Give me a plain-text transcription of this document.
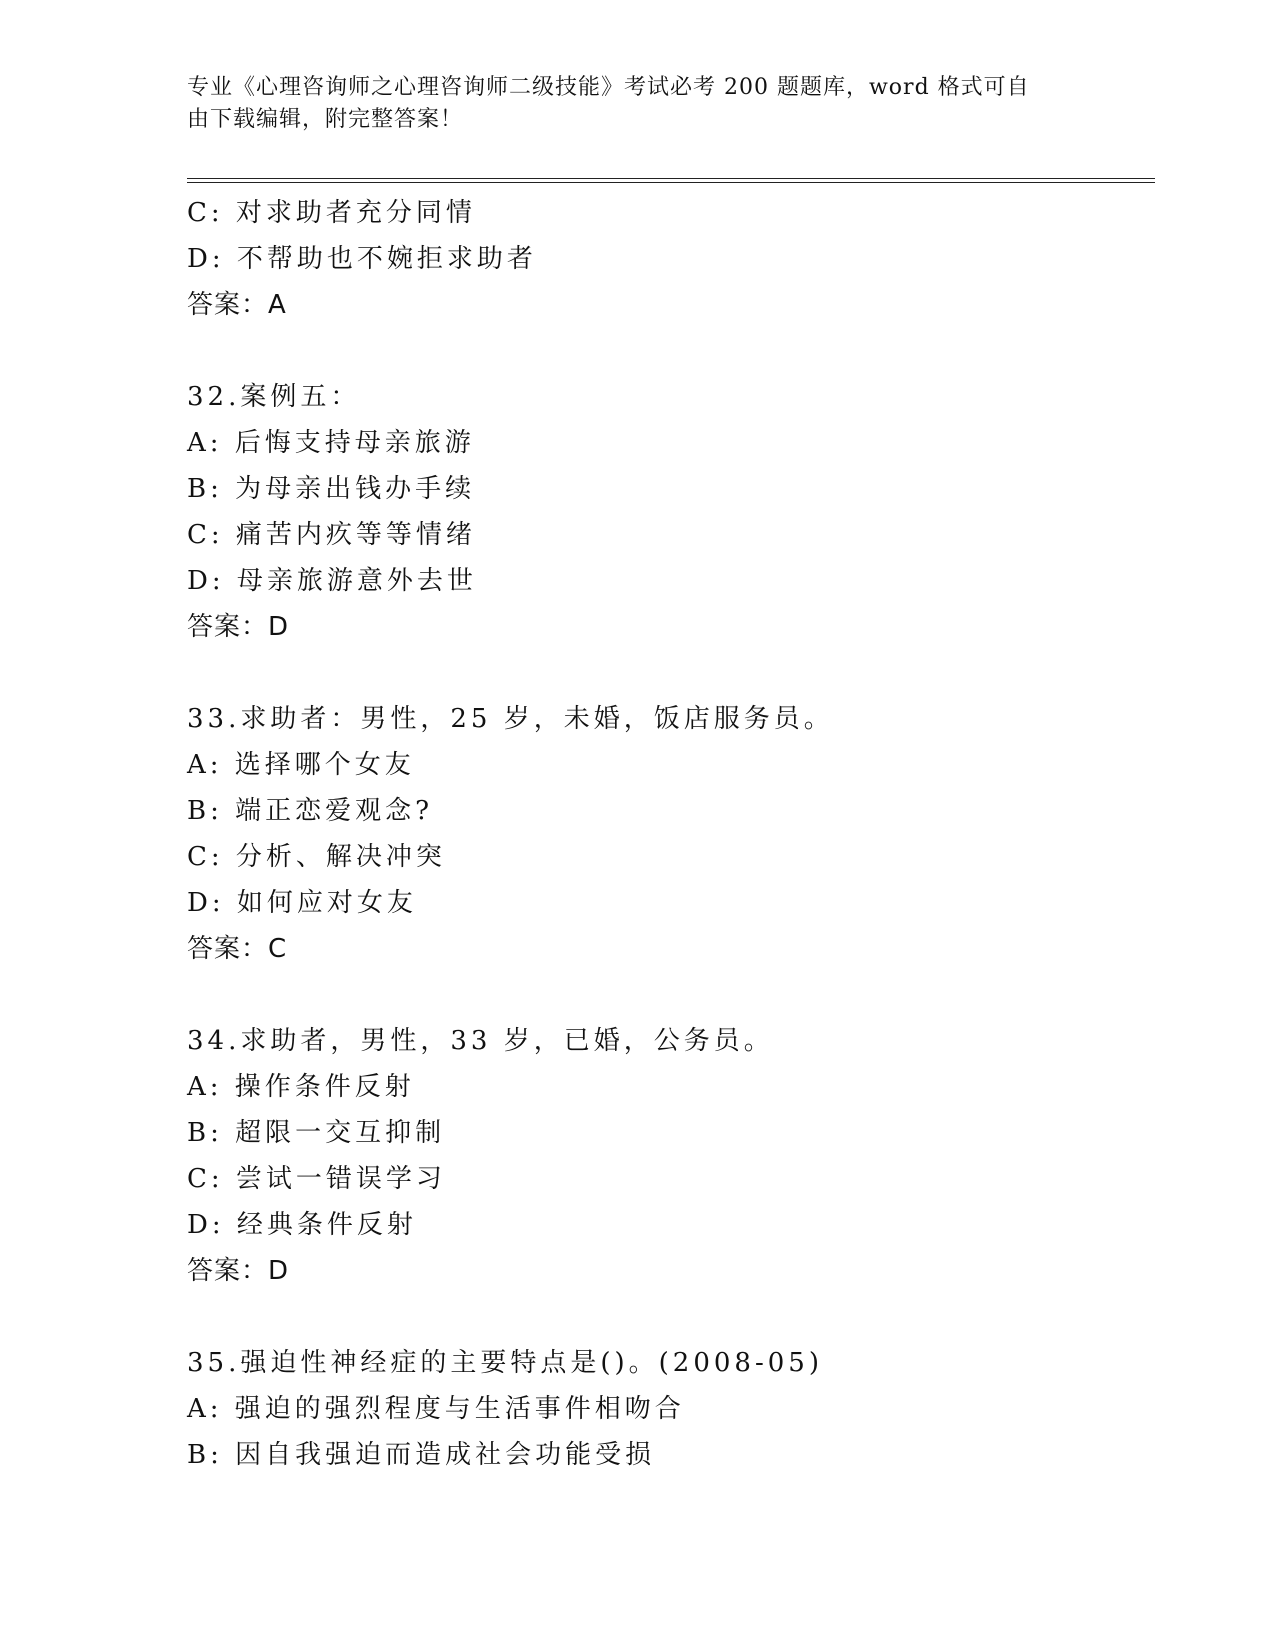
专业《心理咨询师之心理咨询师二级技能》考试必考 200 题题库，word 格式可自
由下载编辑，附完整答案！
C: 对求助者充分同情
D: 不帮助也不婉拒求助者
答案：A
32.案例五：
A: 后悔支持母亲旅游
B: 为母亲出钱办手续
C: 痛苦内疚等等情绪
D: 母亲旅游意外去世
答案：D
33.求助者：男性，25 岁，未婚，饭店服务员。
A: 选择哪个女友
B: 端正恋爱观念?
C: 分析、解决冲突
D: 如何应对女友
答案：C
34.求助者，男性，33 岁，已婚，公务员。
A: 操作条件反射
B: 超限一交互抑制
C: 尝试一错误学习
D: 经典条件反射
答案：D
35.强迫性神经症的主要特点是()。(2008-05)
A: 强迫的强烈程度与生活事件相吻合
B: 因自我强迫而造成社会功能受损
